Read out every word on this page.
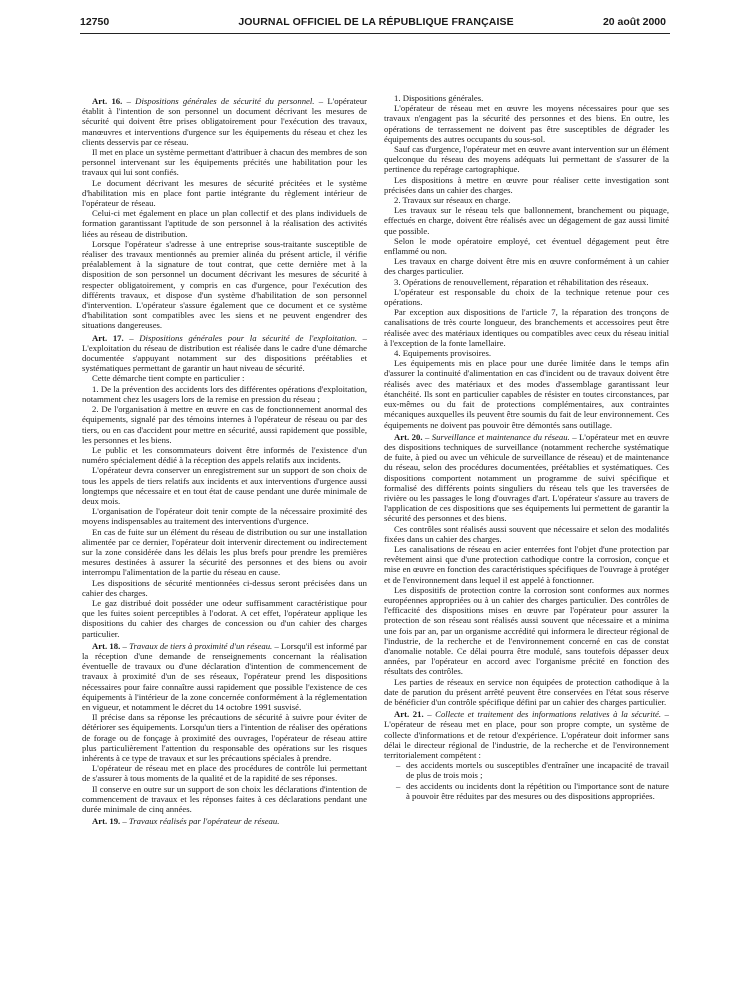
12750	JOURNAL OFFICIEL DE LA RÉPUBLIQUE FRANÇAISE	20 août 2000

Art. 16. – Dispositions générales de sécurité du personnel. – L'opérateur établit à l'intention de son personnel un document décrivant les mesures de sécurité qui doivent être prises obligatoirement pour l'exécution des travaux, manœuvres et interventions d'urgence sur les équipements du réseau et chez les clients desservis par ce réseau.

Il met en place un système permettant d'attribuer à chacun des membres de son personnel intervenant sur les équipements précités une habilitation pour les travaux qui lui sont confiés.

Le document décrivant les mesures de sécurité précitées et le système d'habilitation mis en place font partie intégrante du règlement intérieur de l'opérateur de réseau.

Celui-ci met également en place un plan collectif et des plans individuels de formation garantissant l'aptitude de son personnel à la réalisation des activités liées au réseau de distribution.

Lorsque l'opérateur s'adresse à une entreprise sous-traitante susceptible de réaliser des travaux mentionnés au premier alinéa du présent article, il vérifie préalablement à la signature de tout contrat, que cette dernière met à la disposition de son personnel un document décrivant les mesures de sécurité à respecter obligatoirement, y compris en cas d'urgence, pour l'exécution des différents travaux, et dispose d'un système d'habilitation de son personnel d'intervention. L'opérateur s'assure également que ce document et ce système d'habilitation sont compatibles avec les siens et ne peuvent engendrer des situations dangereuses.

Art. 17. – Dispositions générales pour la sécurité de l'exploitation. – L'exploitation du réseau de distribution est réalisée dans le cadre d'une démarche documentée s'appuyant notamment sur des dispositions préétablies et systématiques permettant de garantir un haut niveau de sécurité.

Cette démarche tient compte en particulier :

1. De la prévention des accidents lors des différentes opérations d'exploitation, notamment chez les usagers lors de la remise en pression du réseau ;

2. De l'organisation à mettre en œuvre en cas de fonctionnement anormal des équipements, signalé par des témoins internes à l'opérateur de réseau ou par des tiers, ou en cas d'accident pour mettre en sécurité, aussi rapidement que possible, les personnes et les biens.

Le public et les consommateurs doivent être informés de l'existence d'un numéro spécialement dédié à la réception des appels relatifs aux incidents.

L'opérateur devra conserver un enregistrement sur un support de son choix de tous les appels de tiers relatifs aux incidents et aux interventions d'urgence aussi longtemps que nécessaire et en tout état de cause pendant une durée minimale de deux mois.

L'organisation de l'opérateur doit tenir compte de la nécessaire proximité des moyens indispensables au traitement des interventions d'urgence.

En cas de fuite sur un élément du réseau de distribution ou sur une installation alimentée par ce dernier, l'opérateur doit intervenir directement ou indirectement sur la zone considérée dans les délais les plus brefs pour prendre les premières mesures destinées à assurer la sécurité des personnes et des biens ou avoir interrompu l'alimentation de la partie du réseau en cause.

Les dispositions de sécurité mentionnées ci-dessus seront précisées dans un cahier des charges.

Le gaz distribué doit posséder une odeur suffisamment caractéristique pour que les fuites soient perceptibles à l'odorat. A cet effet, l'opérateur applique les dispositions du cahier des charges de concession ou d'un cahier des charges particulier.

Art. 18. – Travaux de tiers à proximité d'un réseau. – Lorsqu'il est informé par la réception d'une demande de renseignements concernant la réalisation éventuelle de travaux ou d'une déclaration d'intention de commencement de travaux à proximité d'un de ses réseaux, l'opérateur prend les dispositions nécessaires pour faire connaître aussi rapidement que possible l'existence de ces équipements à l'intérieur de la zone concernée conformément à la réglementation en vigueur, et notamment le décret du 14 octobre 1991 susvisé.

Il précise dans sa réponse les précautions de sécurité à suivre pour éviter de détériorer ses équipements. Lorsqu'un tiers a l'intention de réaliser des opérations de forage ou de fonçage à proximité des ouvrages, l'opérateur de réseau attire plus particulièrement l'attention du responsable des opérations sur les risques inhérents à ce type de travaux et sur les précautions spéciales à prendre.

L'opérateur de réseau met en place des procédures de contrôle lui permettant de s'assurer à tous moments de la qualité et de la rapidité de ses réponses.

Il conserve en outre sur un support de son choix les déclarations d'intention de commencement de travaux et les réponses faites à ces déclarations pendant une durée minimale de cinq années.

Art. 19. – Travaux réalisés par l'opérateur de réseau.

1. Dispositions générales.

L'opérateur de réseau met en œuvre les moyens nécessaires pour que ses travaux n'engagent pas la sécurité des personnes et des biens. En outre, les opérations de terrassement ne doivent pas être susceptibles de dégrader les équipements des autres occupants du sous-sol.

Sauf cas d'urgence, l'opérateur met en œuvre avant intervention sur un élément quelconque du réseau des moyens adéquats lui permettant de s'assurer de la pertinence du repérage cartographique.

Les dispositions à mettre en œuvre pour réaliser cette investigation sont précisées dans un cahier des charges.

2. Travaux sur réseaux en charge.

Les travaux sur le réseau tels que ballonnement, branchement ou piquage, effectués en charge, doivent être réalisés avec un dégagement de gaz aussi limité que possible.

Selon le mode opératoire employé, cet éventuel dégagement peut être enflammé ou non.

Les travaux en charge doivent être mis en œuvre conformément à un cahier des charges particulier.

3. Opérations de renouvellement, réparation et réhabilitation des réseaux.

L'opérateur est responsable du choix de la technique retenue pour ces opérations.

Par exception aux dispositions de l'article 7, la réparation des tronçons de canalisations de très courte longueur, des branchements et accessoires peut être réalisée avec des matériaux identiques ou compatibles avec ceux du réseau initial à l'exception de la fonte lamellaire.

4. Equipements provisoires.

Les équipements mis en place pour une durée limitée dans le temps afin d'assurer la continuité d'alimentation en cas d'incident ou de travaux doivent être réalisés avec des matériaux et des modes d'assemblage garantissant leur étanchéité. Ils sont en particulier capables de résister en toutes circonstances, par eux-mêmes ou du fait de protections complémentaires, aux contraintes mécaniques auxquelles ils peuvent être soumis du fait de leur environnement. Ces équipements ne doivent pas pouvoir être démontés sans outillage.

Art. 20. – Surveillance et maintenance du réseau. – L'opérateur met en œuvre des dispositions techniques de surveillance (notamment recherche systématique de fuite, à pied ou avec un véhicule de surveillance de réseau) et de maintenance du réseau, selon des procédures documentées, préétablies et systématiques. Ces dispositions comportent notamment un programme de suivi spécifique et formalisé des différents points singuliers du réseau tels que les traversées de rivière ou les passages le long d'ouvrages d'art. L'opérateur s'assure au travers de l'application de ces dispositions que ses équipements lui permettent de garantir la sécurité des personnes et des biens.

Ces contrôles sont réalisés aussi souvent que nécessaire et selon des modalités fixées dans un cahier des charges.

Les canalisations de réseau en acier enterrées font l'objet d'une protection par revêtement ainsi que d'une protection cathodique contre la corrosion, conçue et mise en œuvre en fonction des caractéristiques spécifiques de l'ouvrage à protéger et de l'environnement dans lequel il est appelé à fonctionner.

Les dispositifs de protection contre la corrosion sont conformes aux normes européennes appropriées ou à un cahier des charges particulier. Des contrôles de l'efficacité des dispositions mises en œuvre par l'opérateur pour assurer la protection de son réseau sont réalisés aussi souvent que nécessaire et a minima une fois par an, par un organisme accrédité qui informera le directeur régional de l'industrie, de la recherche et de l'environnement concerné en cas de constat d'anomalie notable. Ce délai pourra être modulé, sans toutefois dépasser deux années, par l'opérateur en accord avec l'organisme précité en fonction des résultats des contrôles.

Les parties de réseaux en service non équipées de protection cathodique à la date de parution du présent arrêté peuvent être conservées en l'état sous réserve de bénéficier d'un contrôle spécifique défini par un cahier des charges particulier.

Art. 21. – Collecte et traitement des informations relatives à la sécurité. – L'opérateur de réseau met en place, pour son propre compte, un système de collecte d'informations et de retour d'expérience. L'opérateur doit informer sans délai le directeur régional de l'industrie, de la recherche et de l'environnement territorialement compétent :

– des accidents mortels ou susceptibles d'entraîner une incapacité de travail de plus de trois mois ;
– des accidents ou incidents dont la répétition ou l'importance sont de nature à pouvoir être réduites par des mesures ou des dispositions appropriées.
